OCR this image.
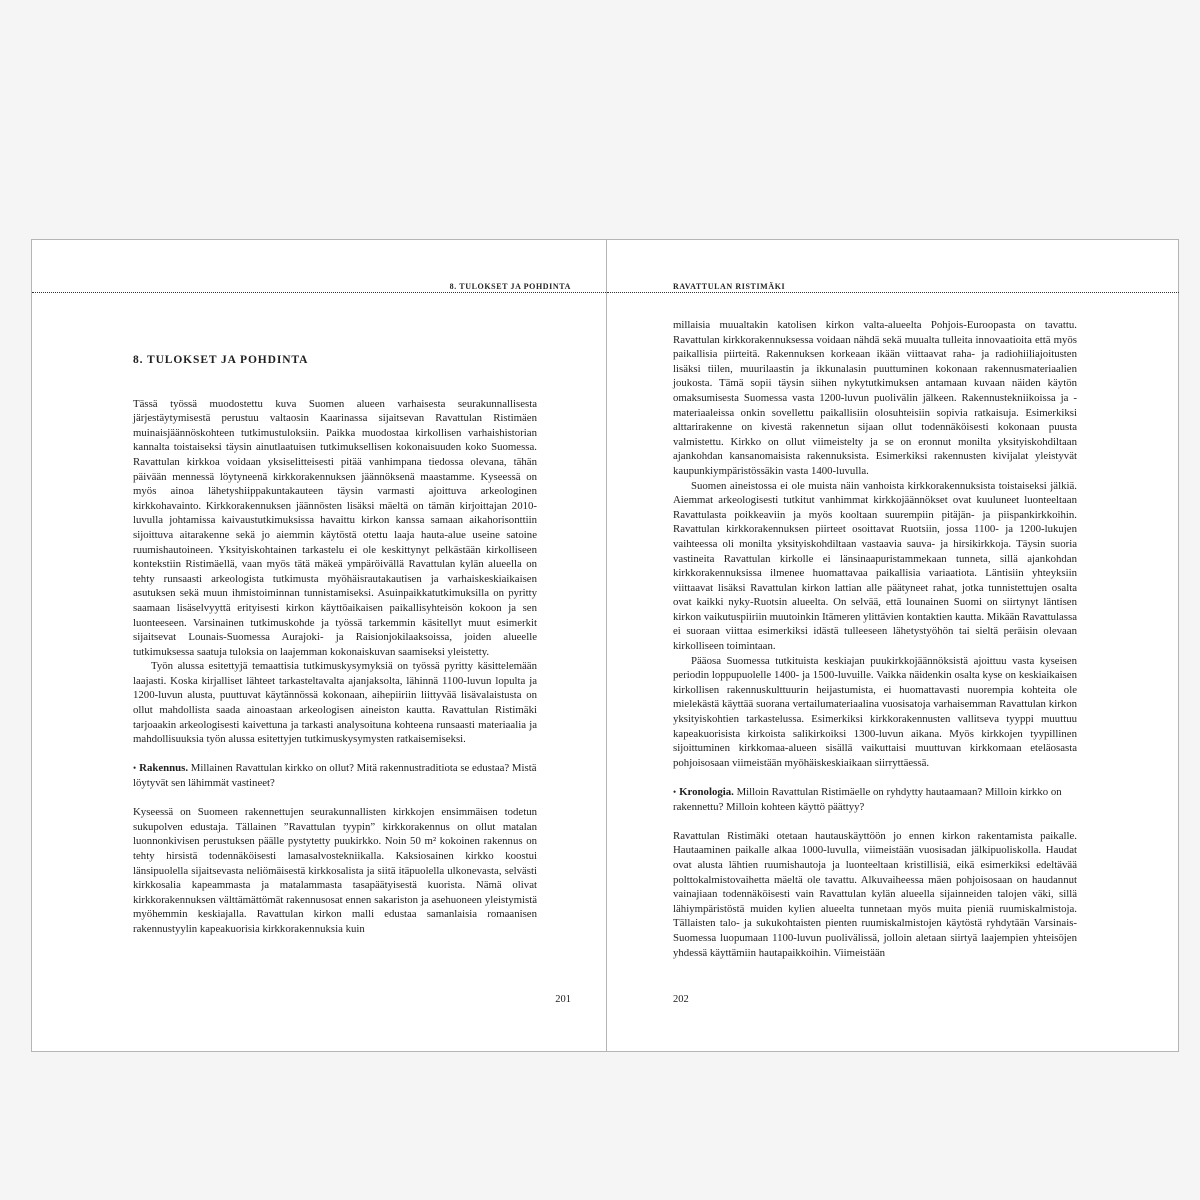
8. TULOKSET JA POHDINTA
8. TULOKSET JA POHDINTA

Tässä työssä muodostettu kuva Suomen alueen varhaisesta seurakunnallisesta järjestäytymisestä perustuu valtaosin Kaarinassa sijaitsevan Ravattulan Ristimäen muinaisjäännöskohteen tutkimustuloksiin. Paikka muodostaa kirkollisen varhaishistorian kannalta toistaiseksi täysin ainutlaatuisen tutkimuksellisen kokonaisuuden koko Suomessa. Ravattulan kirkkoa voidaan yksiselitteisesti pitää vanhimpana tiedossa olevana, tähän päivään mennessä löytyneenä kirkkorakennuksen jäännöksenä maastamme. Kyseessä on myös ainoa lähetyshiippakuntakauteen täysin varmasti ajoittuva arkeologinen kirkkohavainto. Kirkkorakennuksen jäännösten lisäksi mäeltä on tämän kirjoittajan 2010-luvulla johtamissa kaivaustutkimuksissa havaittu kirkon kanssa samaan aikahorisonttiin sijoittuva aitarakenne sekä jo aiemmin käytöstä otettu laaja hauta-alue useine satoine ruumishautoineen. Yksityiskohtainen tarkastelu ei ole keskittynyt pelkästään kirkolliseen kontekstiin Ristimäellä, vaan myös tätä mäkeä ympäröivällä Ravattulan kylän alueella on tehty runsaasti arkeologista tutkimusta myöhäisrautakautisen ja varhaiskeskiaikaisen asutuksen sekä muun ihmistoiminnan tunnistamiseksi. Asuinpaikkatutkimuksilla on pyritty saamaan lisäselvyyttä erityisesti kirkon käyttöaikaisen paikallisyhteisön kokoon ja sen luonteeseen. Varsinainen tutkimuskohde ja työssä tarkemmin käsitellyt muut esimerkit sijaitsevat Lounais-Suomessa Aurajoki- ja Raisionjokilaaksoissa, joiden alueelle tutkimuksessa saatuja tuloksia on laajemman kokonaiskuvan saamiseksi yleistetty.

Työn alussa esitettyjä temaattisia tutkimuskysymyksiä on työssä pyritty käsittelemään laajasti. Koska kirjalliset lähteet tarkasteltavalta ajanjaksolta, lähinnä 1100-luvun lopulta ja 1200-luvun alusta, puuttuvat käytännössä kokonaan, aihepiiriin liittyvää lisävalaistusta on ollut mahdollista saada ainoastaan arkeologisen aineiston kautta. Ravattulan Ristimäki tarjoaakin arkeologisesti kaivettuna ja tarkasti analysoituna kohteena runsaasti materiaalia ja mahdollisuuksia työn alussa esitettyjen tutkimuskysymysten ratkaisemiseksi.

• Rakennus. Millainen Ravattulan kirkko on ollut? Mitä rakennustraditiota se edustaa? Mistä löytyvät sen lähimmät vastineet?

Kyseessä on Suomeen rakennettujen seurakunnallisten kirkkojen ensimmäisen todetun sukupolven edustaja. Tällainen ”Ravattulan tyypin” kirkkorakennus on ollut matalan luonnonkivisen perustuksen päälle pystytetty puukirkko. Noin 50 m² kokoinen rakennus on tehty hirsistä todennäköisesti lamasalvostekniikalla. Kaksiosainen kirkko koostui länsipuolella sijaitsevasta neliömäisestä kirkkosalista ja siitä itäpuolella ulkonevasta, selvästi kirkkosalia kapeammasta ja matalammasta tasapäätyisestä kuorista. Nämä olivat kirkkorakennuksen välttämättömät rakennusosat ennen sakariston ja asehuoneen yleistymistä myöhemmin keskiajalla. Ravattulan kirkon malli edustaa samanlaisia romaanisen rakennustyylin kapeakuorisia kirkkorakennuksia kuin

201
RAVATTULAN RISTIMÄKI

millaisia muualtakin katolisen kirkon valta-alueelta Pohjois-Euroopasta on tavattu. Ravattulan kirkkorakennuksessa voidaan nähdä sekä muualta tulleita innovaatioita että myös paikallisia piirteitä. Rakennuksen korkeaan ikään viittaavat raha- ja radiohiiliajoitusten lisäksi tiilen, muurilaastin ja ikkunalasin puuttuminen kokonaan rakennusmateriaalien joukosta. Tämä sopii täysin siihen nykytutkimuksen antamaan kuvaan näiden käytön omaksumisesta Suomessa vasta 1200-luvun puolivälin jälkeen. Rakennustekniikoissa ja -materiaaleissa onkin sovellettu paikallisiin olosuhteisiin sopivia ratkaisuja. Esimerkiksi alttarirakenne on kivestä rakennetun sijaan ollut todennäköisesti kokonaan puusta valmistettu. Kirkko on ollut viimeistelty ja se on eronnut monilta yksityiskohdiltaan ajankohdan kansanomaisista rakennuksista. Esimerkiksi rakennusten kivijalat yleistyvät kaupunkiympäristössäkin vasta 1400-luvulla.

Suomen aineistossa ei ole muista näin vanhoista kirkkorakennuksista toistaiseksi jälkiä. Aiemmat arkeologisesti tutkitut vanhimmat kirkkojäännökset ovat kuuluneet luonteeltaan Ravattulasta poikkeaviin ja myös kooltaan suurempiin pitäjän- ja piispankirkkoihin. Ravattulan kirkkorakennuksen piirteet osoittavat Ruotsiin, jossa 1100- ja 1200-lukujen vaihteessa oli monilta yksityiskohdiltaan vastaavia sauva- ja hirsikirkkoja. Täysin suoria vastineita Ravattulan kirkolle ei länsinaapuristammekaan tunneta, sillä ajankohdan kirkkorakennuksissa ilmenee huomattavaa paikallisia variaatiota. Läntisiin yhteyksiin viittaavat lisäksi Ravattulan kirkon lattian alle päätyneet rahat, jotka tunnistettujen osalta ovat kaikki nyky-Ruotsin alueelta. On selvää, että lounainen Suomi on siirtynyt läntisen kirkon vaikutuspiiriin muutoinkin Itämeren ylittävien kontaktien kautta. Mikään Ravattulassa ei suoraan viittaa esimerkiksi idästä tulleeseen lähetystyöhön tai sieltä peräisin olevaan kirkolliseen toimintaan.

Pääosa Suomessa tutkituista keskiajan puukirkkojäännöksistä ajoittuu vasta kyseisen periodin loppupuolelle 1400- ja 1500-luvuille. Vaikka näidenkin osalta kyse on keskiaikaisen kirkollisen rakennuskulttuurin heijastumista, ei huomattavasti nuorempia kohteita ole mielekästä käyttää suorana vertailumateriaalina vuosisatoja varhaisemman Ravattulan kirkon yksityiskohtien tarkastelussa. Esimerkiksi kirkkorakennusten vallitseva tyyppi muuttuu kapeakuorisista kirkoista salikirkoiksi 1300-luvun aikana. Myös kirkkojen tyypillinen sijoittuminen kirkkomaa-alueen sisällä vaikuttaisi muuttuvan kirkkomaan eteläosasta pohjoisosaan viimeistään myöhäiskeskiaikaan siirryttäessä.

• Kronologia. Milloin Ravattulan Ristimäelle on ryhdytty hautaamaan? Milloin kirkko on rakennettu? Milloin kohteen käyttö päättyy?

Ravattulan Ristimäki otetaan hautauskäyttöön jo ennen kirkon rakentamista paikalle. Hautaaminen paikalle alkaa 1000-luvulla, viimeistään vuosisadan jälkipuoliskolla. Haudat ovat alusta lähtien ruumishautoja ja luonteeltaan kristillisiä, eikä esimerkiksi edeltävää polttokalmistovaihetta mäeltä ole tavattu. Alkuvaiheessa mäen pohjoisosaan on haudannut vainajiaan todennäköisesti vain Ravattulan kylän alueella sijainneiden talojen väki, sillä lähiympäristöstä muiden kylien alueelta tunnetaan myös muita pieniä ruumiskalmistoja. Tällaisten talo- ja sukukohtaisten pienten ruumiskalmistojen käytöstä ryhdytään Varsinais-Suomessa luopumaan 1100-luvun puolivälissä, jolloin aletaan siirtyä laajempien yhteisöjen yhdessä käyttämiin hautapaikkoihin. Viimeistään

202
